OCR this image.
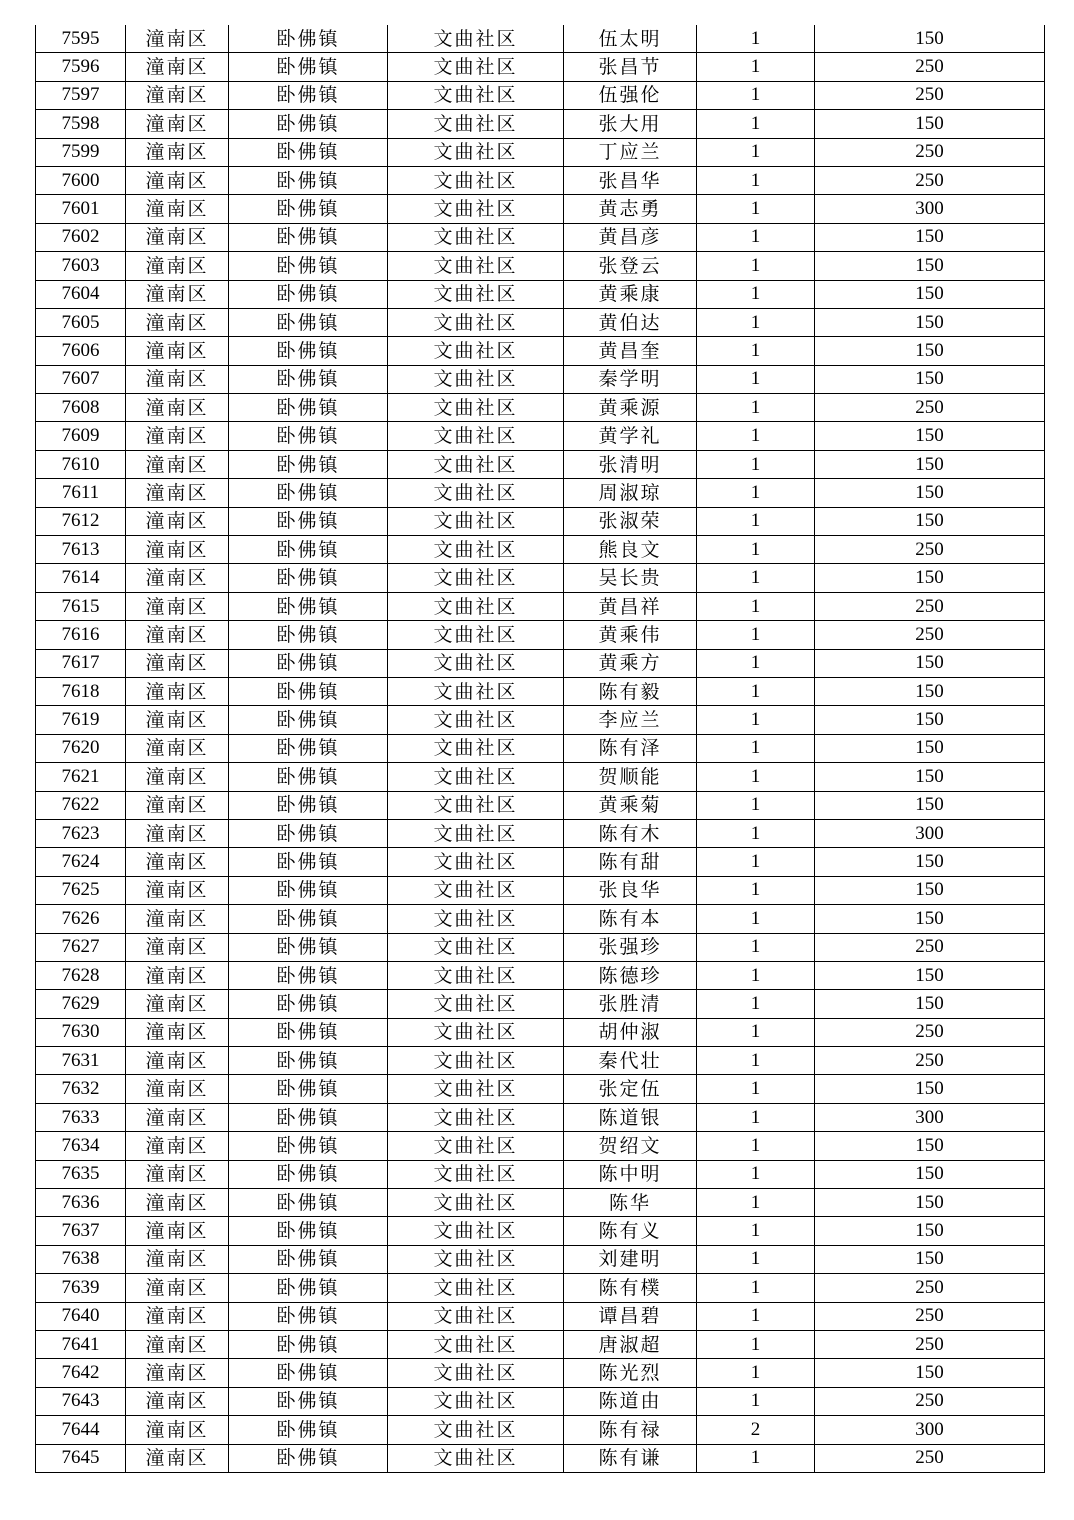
7595	潼南区	卧佛镇	文曲社区	伍太明	1	150
7596	潼南区	卧佛镇	文曲社区	张昌节	1	250
7597	潼南区	卧佛镇	文曲社区	伍强伦	1	250
7598	潼南区	卧佛镇	文曲社区	张大用	1	150
7599	潼南区	卧佛镇	文曲社区	丁应兰	1	250
7600	潼南区	卧佛镇	文曲社区	张昌华	1	250
7601	潼南区	卧佛镇	文曲社区	黄志勇	1	300
7602	潼南区	卧佛镇	文曲社区	黄昌彦	1	150
7603	潼南区	卧佛镇	文曲社区	张登云	1	150
7604	潼南区	卧佛镇	文曲社区	黄乘康	1	150
7605	潼南区	卧佛镇	文曲社区	黄伯达	1	150
7606	潼南区	卧佛镇	文曲社区	黄昌奎	1	150
7607	潼南区	卧佛镇	文曲社区	秦学明	1	150
7608	潼南区	卧佛镇	文曲社区	黄乘源	1	250
7609	潼南区	卧佛镇	文曲社区	黄学礼	1	150
7610	潼南区	卧佛镇	文曲社区	张清明	1	150
7611	潼南区	卧佛镇	文曲社区	周淑琼	1	150
7612	潼南区	卧佛镇	文曲社区	张淑荣	1	150
7613	潼南区	卧佛镇	文曲社区	熊良文	1	250
7614	潼南区	卧佛镇	文曲社区	吴长贵	1	150
7615	潼南区	卧佛镇	文曲社区	黄昌祥	1	250
7616	潼南区	卧佛镇	文曲社区	黄乘伟	1	250
7617	潼南区	卧佛镇	文曲社区	黄乘方	1	150
7618	潼南区	卧佛镇	文曲社区	陈有毅	1	150
7619	潼南区	卧佛镇	文曲社区	李应兰	1	150
7620	潼南区	卧佛镇	文曲社区	陈有泽	1	150
7621	潼南区	卧佛镇	文曲社区	贺顺能	1	150
7622	潼南区	卧佛镇	文曲社区	黄乘菊	1	150
7623	潼南区	卧佛镇	文曲社区	陈有木	1	300
7624	潼南区	卧佛镇	文曲社区	陈有甜	1	150
7625	潼南区	卧佛镇	文曲社区	张良华	1	150
7626	潼南区	卧佛镇	文曲社区	陈有本	1	150
7627	潼南区	卧佛镇	文曲社区	张强珍	1	250
7628	潼南区	卧佛镇	文曲社区	陈德珍	1	150
7629	潼南区	卧佛镇	文曲社区	张胜清	1	150
7630	潼南区	卧佛镇	文曲社区	胡仲淑	1	250
7631	潼南区	卧佛镇	文曲社区	秦代壮	1	250
7632	潼南区	卧佛镇	文曲社区	张定伍	1	150
7633	潼南区	卧佛镇	文曲社区	陈道银	1	300
7634	潼南区	卧佛镇	文曲社区	贺绍文	1	150
7635	潼南区	卧佛镇	文曲社区	陈中明	1	150
7636	潼南区	卧佛镇	文曲社区	陈华	1	150
7637	潼南区	卧佛镇	文曲社区	陈有义	1	150
7638	潼南区	卧佛镇	文曲社区	刘建明	1	150
7639	潼南区	卧佛镇	文曲社区	陈有樸	1	250
7640	潼南区	卧佛镇	文曲社区	谭昌碧	1	250
7641	潼南区	卧佛镇	文曲社区	唐淑超	1	250
7642	潼南区	卧佛镇	文曲社区	陈光烈	1	150
7643	潼南区	卧佛镇	文曲社区	陈道由	1	250
7644	潼南区	卧佛镇	文曲社区	陈有禄	2	300
7645	潼南区	卧佛镇	文曲社区	陈有谦	1	250
